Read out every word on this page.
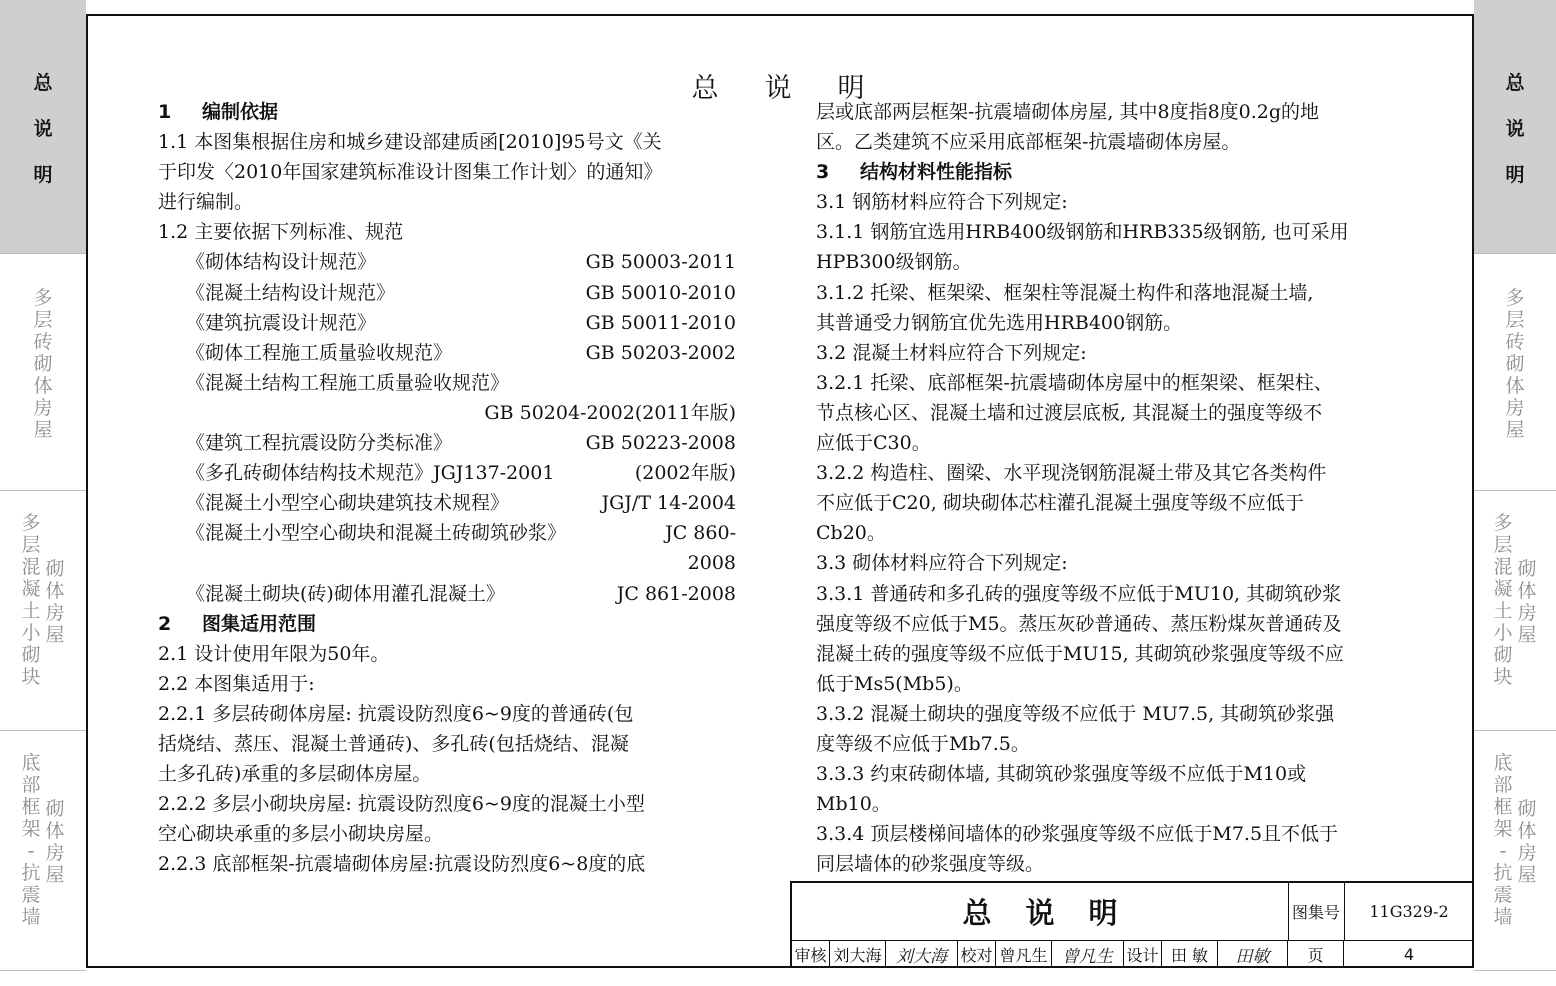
总
说
明
多
层
砖
砌
体
房
屋
多
层
混
凝
土
小
砌
块
砌
体
房
屋
底
部
框
架
-
抗
震
墙
砌
体
房
屋
总
说
明
多
层
砖
砌
体
房
屋
多
层
混
凝
土
小
砌
块
砌
体
房
屋
底
部
框
架
-
抗
震
墙
砌
体
房
屋
总说明
1 编制依据
1.1 本图集根据住房和城乡建设部建质函[2010]95号文《关
于印发〈2010年国家建筑标准设计图集工作计划〉的通知》
进行编制。
1.2 主要依据下列标准、规范
《砌体结构设计规范》	GB 50003-2011
《混凝土结构设计规范》	GB 50010-2010
《建筑抗震设计规范》	GB 50011-2010
《砌体工程施工质量验收规范》	GB 50203-2002
《混凝土结构工程施工质量验收规范》
GB 50204-2002(2011年版)
《建筑工程抗震设防分类标准》	GB 50223-2008
《多孔砖砌体结构技术规范》JGJ137-2001	(2002年版)
《混凝土小型空心砌块建筑技术规程》	JGJ/T 14-2004
《混凝土小型空心砌块和混凝土砖砌筑砂浆》	JC 860-
2008
《混凝土砌块(砖)砌体用灌孔混凝土》	JC 861-2008
2 图集适用范围
2.1 设计使用年限为50年。
2.2 本图集适用于:
2.2.1 多层砖砌体房屋: 抗震设防烈度6~9度的普通砖(包
括烧结、蒸压、混凝土普通砖)、多孔砖(包括烧结、混凝
土多孔砖)承重的多层砌体房屋。
2.2.2 多层小砌块房屋: 抗震设防烈度6~9度的混凝土小型
空心砌块承重的多层小砌块房屋。
2.2.3 底部框架-抗震墙砌体房屋:抗震设防烈度6~8度的底
层或底部两层框架-抗震墙砌体房屋, 其中8度指8度0.2g的地
区。乙类建筑不应采用底部框架-抗震墙砌体房屋。
3 结构材料性能指标
3.1 钢筋材料应符合下列规定:
3.1.1 钢筋宜选用HRB400级钢筋和HRB335级钢筋, 也可采用
HPB300级钢筋。
3.1.2 托梁、框架梁、框架柱等混凝土构件和落地混凝土墙,
其普通受力钢筋宜优先选用HRB400钢筋。
3.2 混凝土材料应符合下列规定:
3.2.1 托梁、底部框架-抗震墙砌体房屋中的框架梁、框架柱、
节点核心区、混凝土墙和过渡层底板, 其混凝土的强度等级不
应低于C30。
3.2.2 构造柱、圈梁、水平现浇钢筋混凝土带及其它各类构件
不应低于C20, 砌块砌体芯柱灌孔混凝土强度等级不应低于
Cb20。
3.3 砌体材料应符合下列规定:
3.3.1 普通砖和多孔砖的强度等级不应低于MU10, 其砌筑砂浆
强度等级不应低于M5。蒸压灰砂普通砖、蒸压粉煤灰普通砖及
混凝土砖的强度等级不应低于MU15, 其砌筑砂浆强度等级不应
低于Ms5(Mb5)。
3.3.2 混凝土砌块的强度等级不应低于 MU7.5, 其砌筑砂浆强
度等级不应低于Mb7.5。
3.3.3 约束砖砌体墙, 其砌筑砂浆强度等级不应低于M10或
Mb10。
3.3.4 顶层楼梯间墙体的砂浆强度等级不应低于M7.5且不低于
同层墙体的砂浆强度等级。
总说明	图集号	11G329-2
审核 刘大海 刘大海 校对 曾凡生 曾凡生 设计 田 敏	田敏	页	4
